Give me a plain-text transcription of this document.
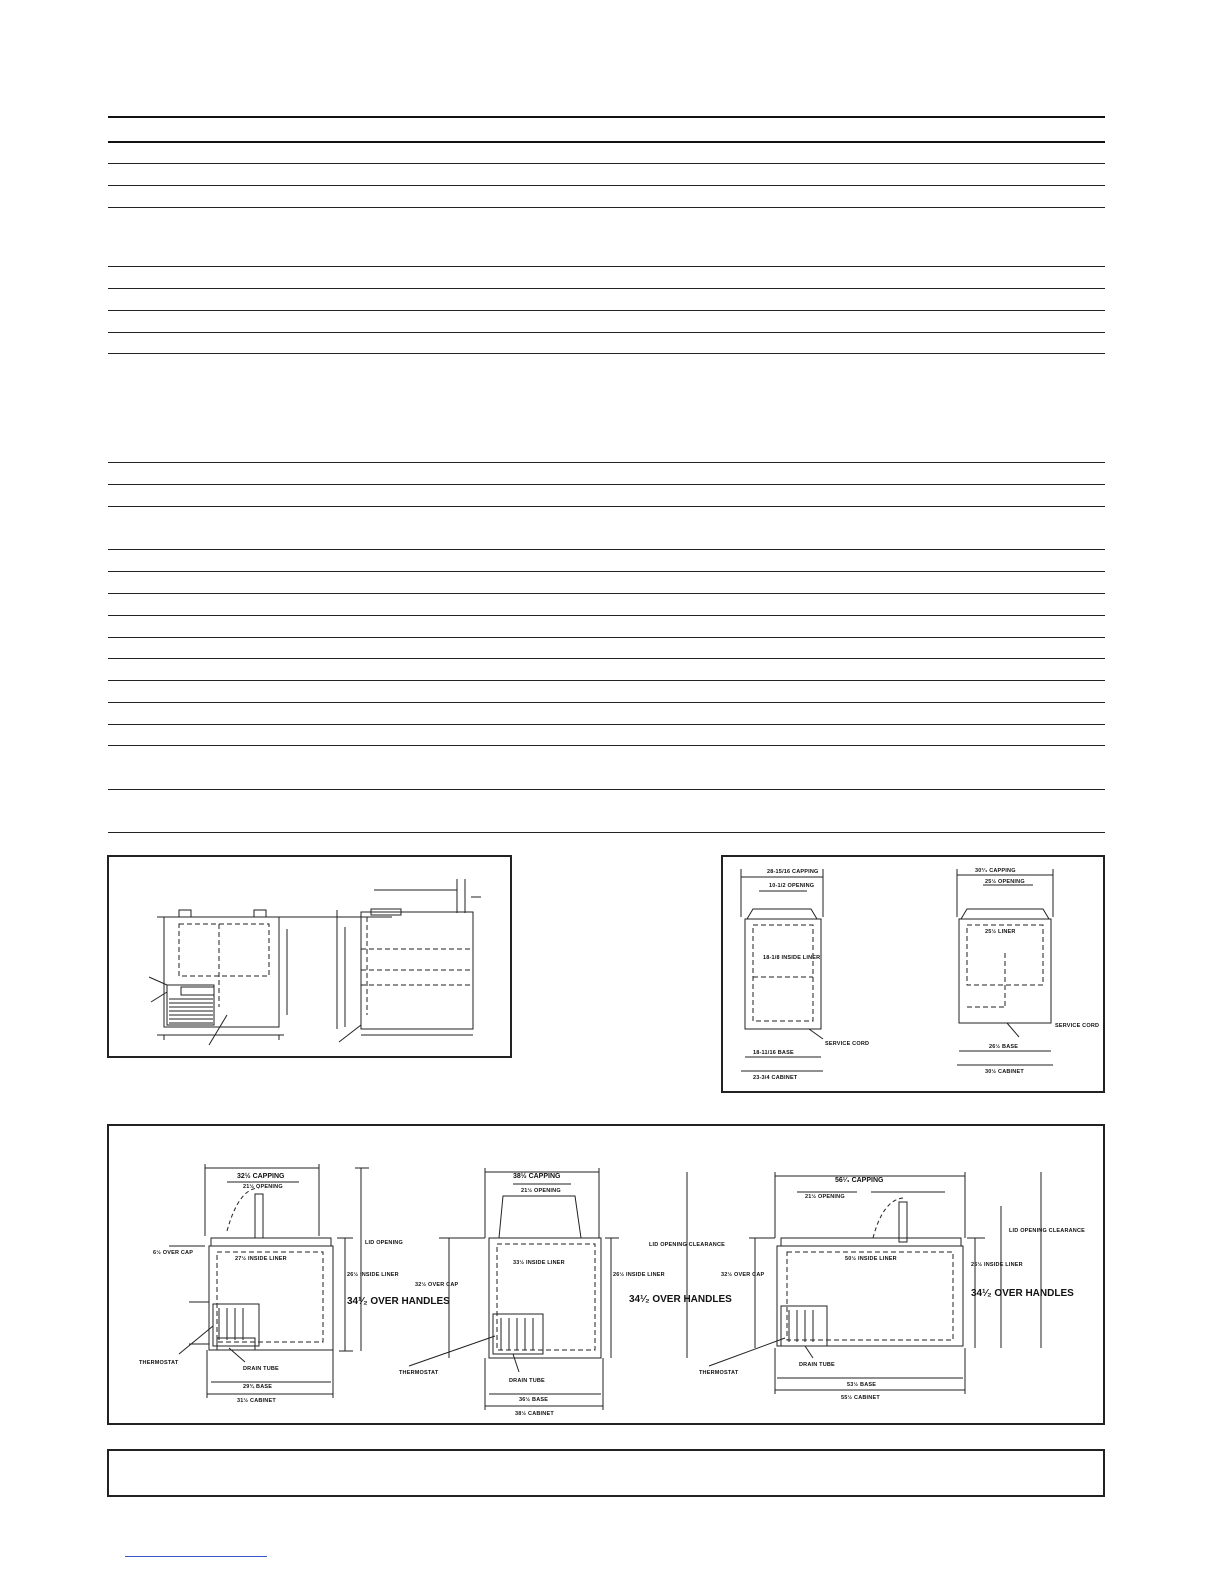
28-15/16 CAPPING
10-1/2 OPENING
18-1/8 INSIDE LINER
SERVICE CORD
18-11/16 BASE
23-3/4 CABINET
30³⁄₄ CAPPING
25½ OPENING
25½ LINER
SERVICE CORD
26½ BASE
30½ CABINET
32½ CAPPING
21½ OPENING
27½ INSIDE LINER
6½ OVER CAP
LID OPENING
26½ INSIDE LINER
34¹⁄₂ OVER HANDLES
THERMOSTAT
DRAIN TUBE
29¾ BASE
31½ CABINET
38½ CAPPING
21½ OPENING
33½ INSIDE LINER
32½ OVER CAP
LID OPENING CLEARANCE
26½ INSIDE LINER
34¹⁄₂ OVER HANDLES
THERMOSTAT
DRAIN TUBE
36½ BASE
38½ CABINET
56¹⁄₄ CAPPING
21½ OPENING
50½ INSIDE LINER
32½ OVER CAP
LID OPENING CLEARANCE
26½ INSIDE LINER
34¹⁄₂ OVER HANDLES
THERMOSTAT
DRAIN TUBE
53½ BASE
55½ CABINET
